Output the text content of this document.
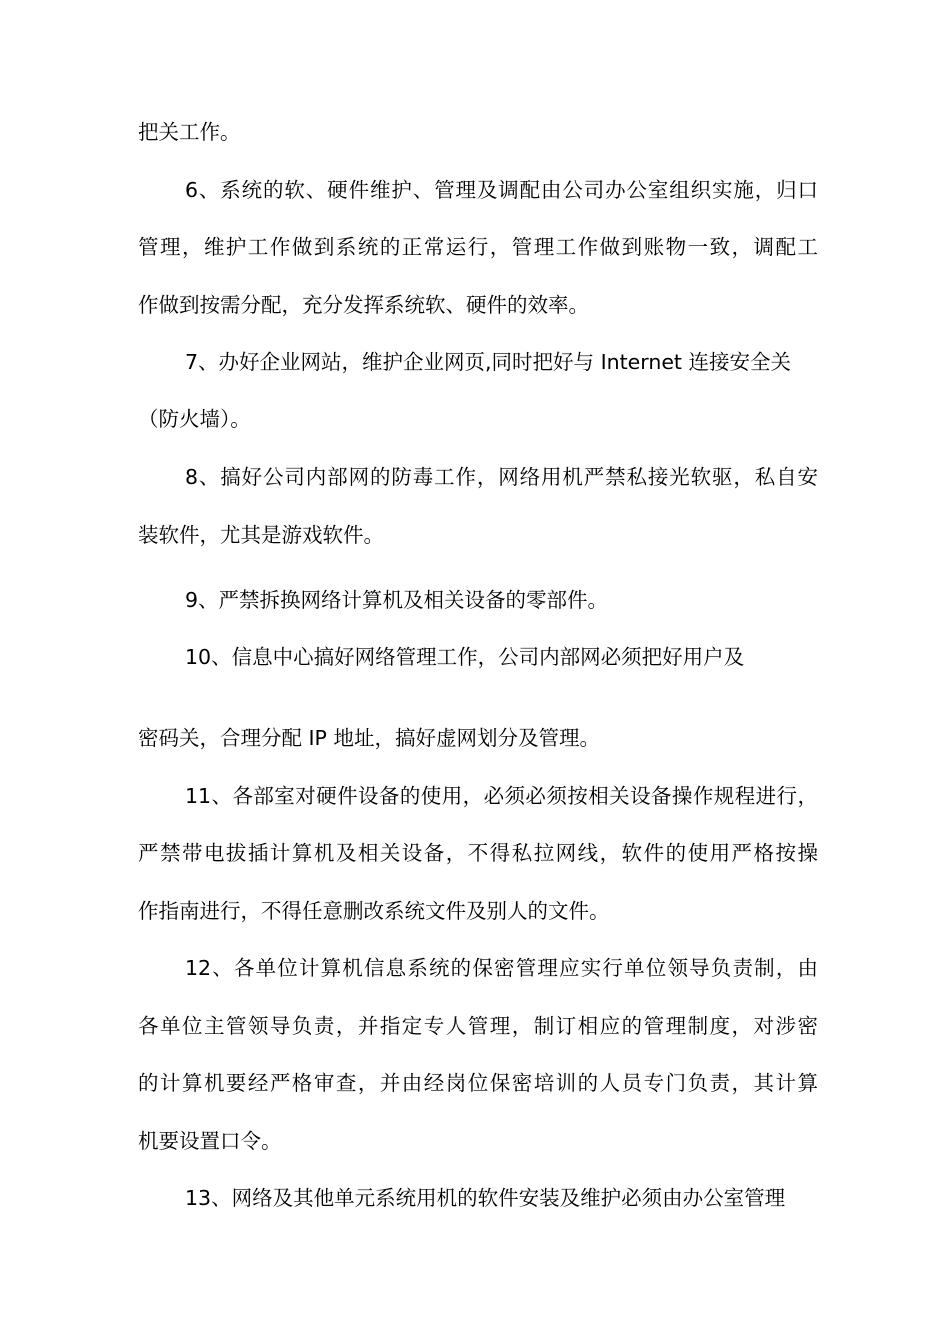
把关工作。
6、系统的软、硬件维护、管理及调配由公司办公室组织实施，归口
管理，维护工作做到系统的正常运行，管理工作做到账物一致，调配工
作做到按需分配，充分发挥系统软、硬件的效率。
7、办好企业网站，维护企业网页,同时把好与 Internet 连接安全关
（防火墙）。
8、搞好公司内部网的防毒工作，网络用机严禁私接光软驱，私自安
装软件，尤其是游戏软件。
9、严禁拆换网络计算机及相关设备的零部件。
10、信息中心搞好网络管理工作，公司内部网必须把好用户及
密码关，合理分配 IP 地址，搞好虚网划分及管理。
11、各部室对硬件设备的使用，必须必须按相关设备操作规程进行，
严禁带电拔插计算机及相关设备，不得私拉网线，软件的使用严格按操
作指南进行，不得任意删改系统文件及别人的文件。
12、各单位计算机信息系统的保密管理应实行单位领导负责制，由
各单位主管领导负责，并指定专人管理，制订相应的管理制度，对涉密
的计算机要经严格审查，并由经岗位保密培训的人员专门负责，其计算
机要设置口令。
13、网络及其他单元系统用机的软件安装及维护必须由办公室管理
